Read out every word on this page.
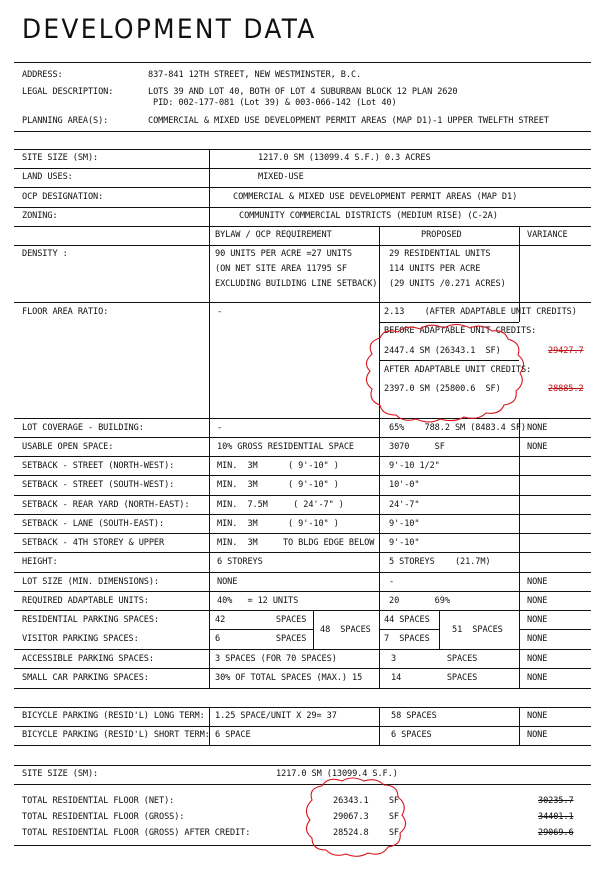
DEVELOPMENT DATA
ADDRESS:	837-841 12TH STREET, NEW WESTMINSTER, B.C.
LEGAL DESCRIPTION:	LOTS 39 AND LOT 40, BOTH OF LOT 4 SUBURBAN BLOCK 12 PLAN 2620
PID: 002-177-081 (Lot 39) & 003-066-142 (Lot 40)
PLANNING AREA(S):	COMMERCIAL & MIXED USE DEVELOPMENT PERMIT AREAS (MAP D1)-1 UPPER TWELFTH STREET
SITE SIZE (SM):	1217.0 SM (13099.4 S.F.) 0.3 ACRES
LAND USES:	MIXED-USE
OCP DESIGNATION:	COMMERCIAL & MIXED USE DEVELOPMENT PERMIT AREAS (MAP D1)
ZONING:	COMMUNITY COMMERCIAL DISTRICTS (MEDIUM RISE) (C-2A)
BYLAW / OCP REQUIREMENT	PROPOSED	VARIANCE
DENSITY :	90 UNITS PER ACRE =27 UNITS
(ON NET SITE AREA 11795 SF
EXCLUDING BUILDING LINE SETBACK)
29 RESIDENTIAL UNITS
114 UNITS PER ACRE
(29 UNITS /0.271 ACRES)
FLOOR AREA RATIO:	-	2.13    (AFTER ADAPTABLE UNIT CREDITS)
BEFORE ADAPTABLE UNIT CREDITS:
2447.4 SM (26343.1  SF)	29427.7
AFTER ADAPTABLE UNIT CREDITS:
2397.0 SM (25800.6  SF)	28885.2
LOT COVERAGE - BUILDING:	-	65%    788.2 SM (8483.4 SF) NONE
USABLE OPEN SPACE:	10% GROSS RESIDENTIAL SPACE	3070     SF	NONE
SETBACK - STREET (NORTH-WEST):	MIN.  3M      ( 9'-10" )	9'-10 1/2"
SETBACK - STREET (SOUTH-WEST):	MIN.  3M      ( 9'-10" )	10'-0"
SETBACK - REAR YARD (NORTH-EAST):	MIN.  7.5M     ( 24'-7" )	24'-7"
SETBACK - LANE (SOUTH-EAST):	MIN.  3M      ( 9'-10" )	9'-10"
SETBACK - 4TH STOREY & UPPER	MIN.  3M     TO BLDG EDGE BELOW 9'-10"
HEIGHT:	6 STOREYS	5 STOREYS    (21.7M)
LOT SIZE (MIN. DIMENSIONS):	NONE	-	NONE
REQUIRED ADAPTABLE UNITS:	40%   = 12 UNITS	20       69%	NONE
RESIDENTIAL PARKING SPACES:	42          SPACES
VISITOR PARKING SPACES:	6           SPACES
48  SPACES
44 SPACES
7  SPACES
51  SPACES
NONE
NONE
ACCESSIBLE PARKING SPACES:	3 SPACES (FOR 70 SPACES)	3          SPACES	NONE
SMALL CAR PARKING SPACES:	30% OF TOTAL SPACES (MAX.) 15	14         SPACES	NONE
BICYCLE PARKING (RESID'L) LONG TERM: 1.25 SPACE/UNIT X 29= 37	58 SPACES	NONE
BICYCLE PARKING (RESID'L) SHORT TERM: 6 SPACE	6 SPACES	NONE
SITE SIZE (SM):	1217.0 SM (13099.4 S.F.)
TOTAL RESIDENTIAL FLOOR (NET):	26343.1    SF	30235.7
TOTAL RESIDENTIAL FLOOR (GROSS):	29067.3    SF	34401.1
TOTAL RESIDENTIAL FLOOR (GROSS) AFTER CREDIT:	28524.8    SF	29069.6
